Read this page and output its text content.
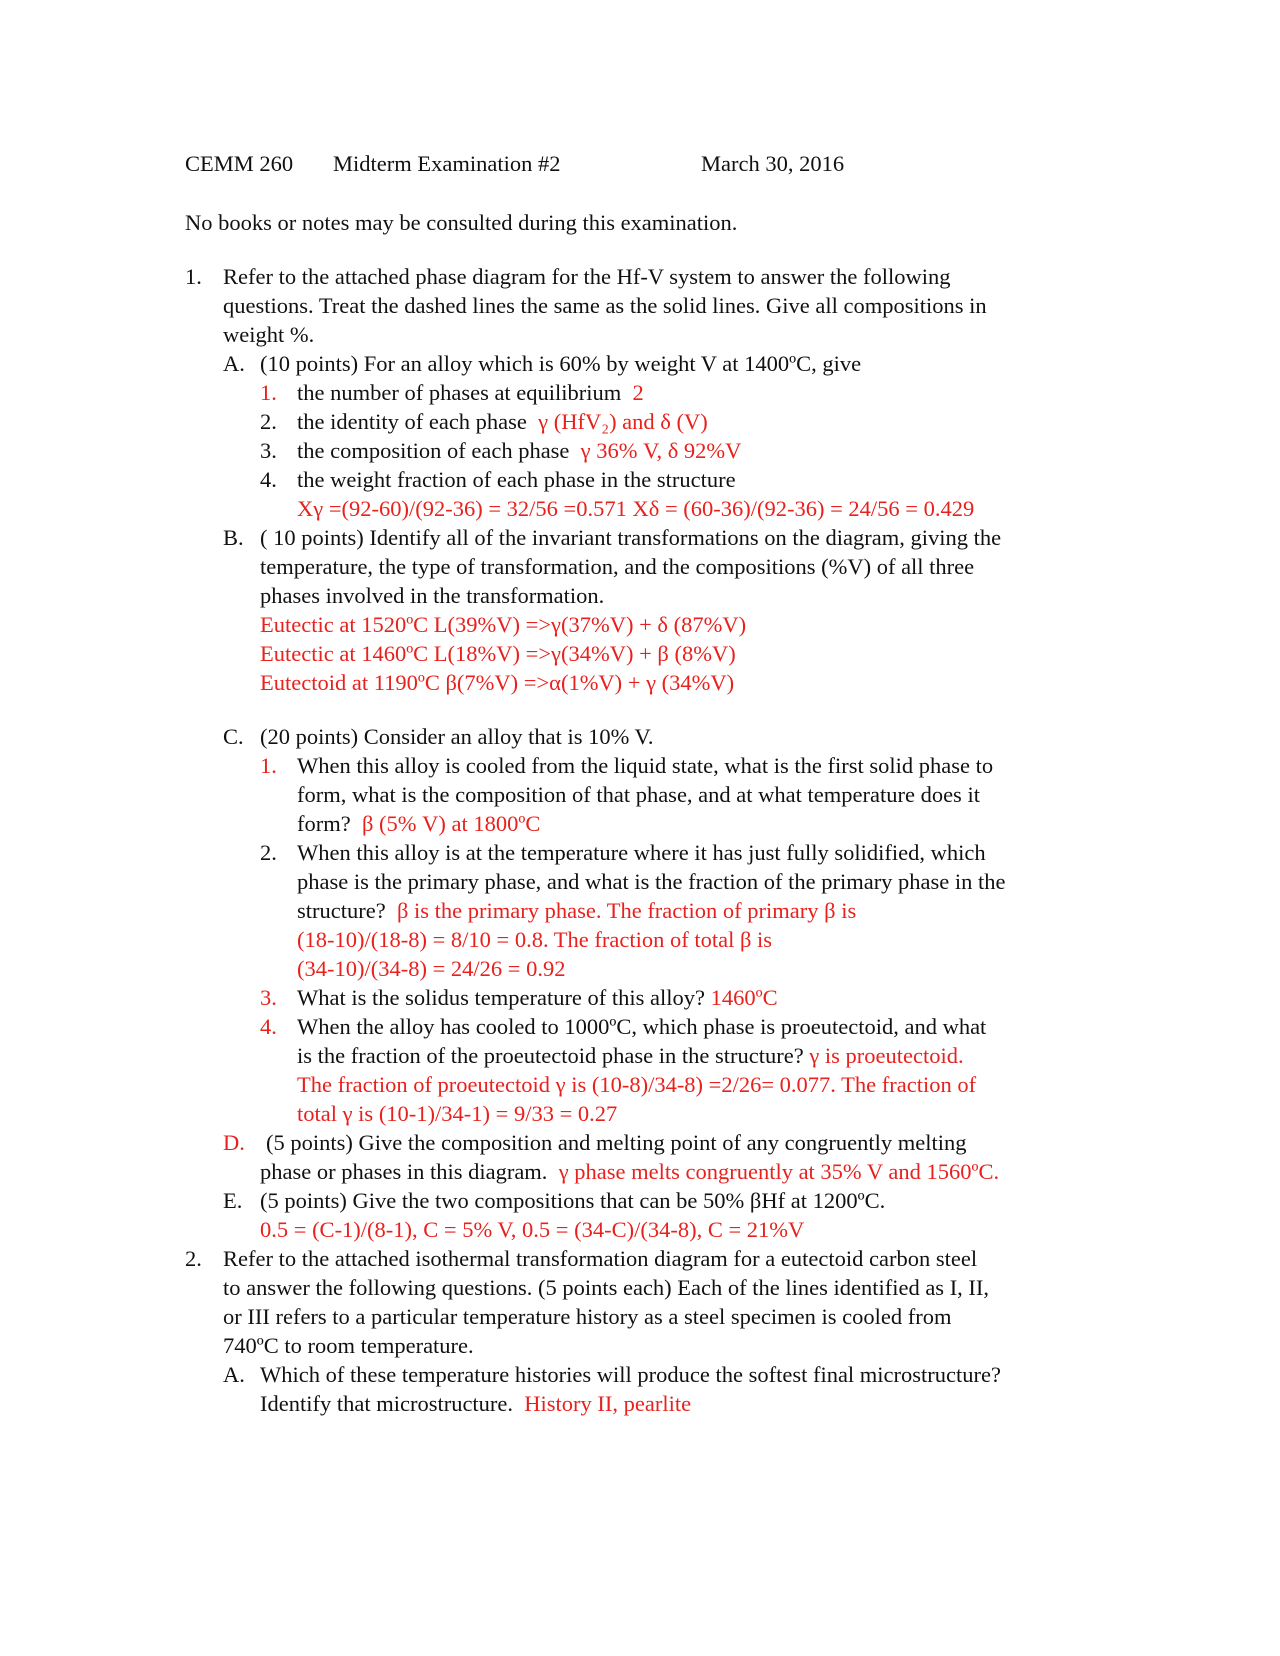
CEMM 260 Midterm Examination #2	March 30, 2016
No books or notes may be consulted during this examination.
1. Refer to the attached phase diagram for the Hf-V system to answer the following
questions. Treat the dashed lines the same as the solid lines. Give all compositions in
weight %.
A. (10 points) For an alloy which is 60% by weight V at 1400ºC, give
1. the number of phases at equilibrium 2
2. the identity of each phase γ (HfV₂) and δ (V)
3. the composition of each phase γ 36% V, δ 92%V
4. the weight fraction of each phase in the structure
Xγ =(92-60)/(92-36) = 32/56 =0.571 Xδ = (60-36)/(92-36) = 24/56 = 0.429
B. ( 10 points) Identify all of the invariant transformations on the diagram, giving the
temperature, the type of transformation, and the compositions (%V) of all three
phases involved in the transformation.
Eutectic at 1520ºC L(39%V) =>γ(37%V) + δ (87%V)
Eutectic at 1460ºC L(18%V) =>γ(34%V) + β (8%V)
Eutectoid at 1190ºC β(7%V) =>α(1%V) + γ (34%V)
C. (20 points) Consider an alloy that is 10% V.
1. When this alloy is cooled from the liquid state, what is the first solid phase to
form, what is the composition of that phase, and at what temperature does it
form? β (5% V) at 1800ºC
2. When this alloy is at the temperature where it has just fully solidified, which
phase is the primary phase, and what is the fraction of the primary phase in the
structure? β is the primary phase. The fraction of primary β is
(18-10)/(18-8) = 8/10 = 0.8. The fraction of total β is
(34-10)/(34-8) = 24/26 = 0.92
3. What is the solidus temperature of this alloy? 1460ºC
4. When the alloy has cooled to 1000ºC, which phase is proeutectoid, and what
is the fraction of the proeutectoid phase in the structure? γ is proeutectoid.
The fraction of proeutectoid γ is (10-8)/34-8) =2/26= 0.077. The fraction of
total γ is (10-1)/34-1) = 9/33 = 0.27
D. (5 points) Give the composition and melting point of any congruently melting
phase or phases in this diagram. γ phase melts congruently at 35% V and 1560ºC.
E. (5 points) Give the two compositions that can be 50% βHf at 1200ºC.
0.5 = (C-1)/(8-1), C = 5% V, 0.5 = (34-C)/(34-8), C = 21%V
2. Refer to the attached isothermal transformation diagram for a eutectoid carbon steel
to answer the following questions. (5 points each) Each of the lines identified as I, II,
or III refers to a particular temperature history as a steel specimen is cooled from
740ºC to room temperature.
A. Which of these temperature histories will produce the softest final microstructure?
Identify that microstructure. History II, pearlite
